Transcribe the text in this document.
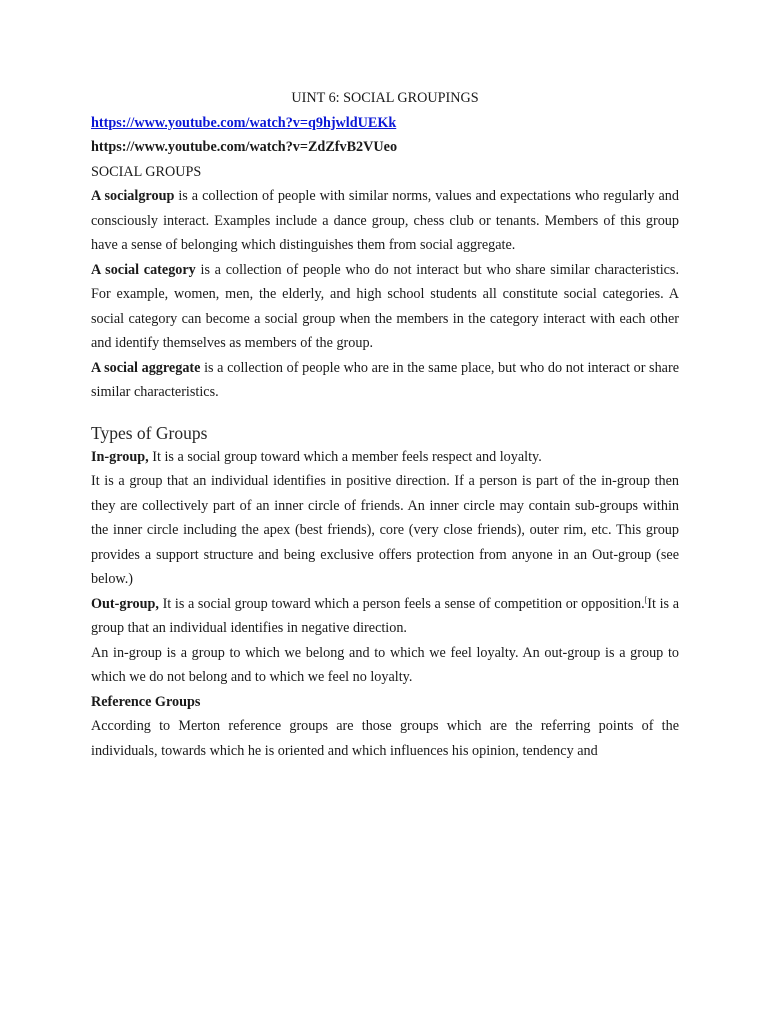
UINT 6: SOCIAL GROUPINGS
https://www.youtube.com/watch?v=q9hjwldUEKk
https://www.youtube.com/watch?v=ZdZfvB2VUeo
SOCIAL GROUPS

A socialgroup is a collection of people with similar norms, values and expectations who regularly and consciously interact. Examples include a dance group, chess club or tenants. Members of this group have a sense of belonging which distinguishes them from social aggregate.

A social category is a collection of people who do not interact but who share similar characteristics. For example, women, men, the elderly, and high school students all constitute social categories. A social category can become a social group when the members in the category interact with each other and identify themselves as members of the group.

A social aggregate is a collection of people who are in the same place, but who do not interact or share similar characteristics.

Types of Groups

In-group, It is a social group toward which a member feels respect and loyalty.

It is a group that an individual identifies in positive direction. If a person is part of the in-group then they are collectively part of an inner circle of friends. An inner circle may contain sub-groups within the inner circle including the apex (best friends), core (very close friends), outer rim, etc. This group provides a support structure and being exclusive offers protection from anyone in an Out-group (see below.)

Out-group, It is a social group toward which a person feels a sense of competition or opposition.[It is a group that an individual identifies in negative direction.

An in-group is a group to which we belong and to which we feel loyalty. An out-group is a group to which we do not belong and to which we feel no loyalty.

Reference Groups

According to Merton reference groups are those groups which are the referring points of the individuals, towards which he is oriented and which influences his opinion, tendency and
